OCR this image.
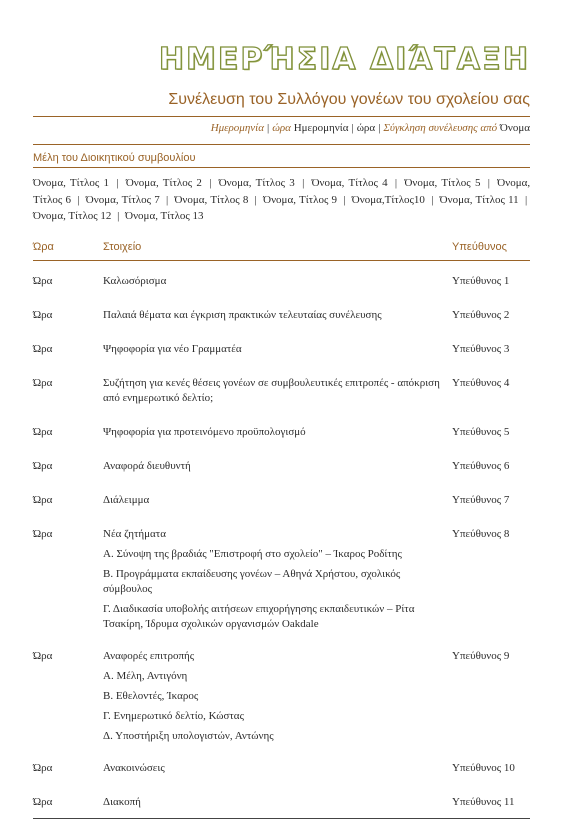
ΗΜΕΡΉΣΙΑ ΔΙΆΤΑΞΗ
Συνέλευση του Συλλόγου γονέων του σχολείου σας
Ημερομηνία | ώρα Ημερομηνία | ώρα | Σύγκληση συνέλευσης από Όνομα
Μέλη του Διοικητικού συμβουλίου
Όνομα, Τίτλος 1 | Όνομα, Τίτλος 2 | Όνομα, Τίτλος 3 | Όνομα, Τίτλος 4 | Όνομα, Τίτλος 5 | Όνομα, Τίτλος 6 | Όνομα, Τίτλος 7 | Όνομα, Τίτλος 8 | Όνομα, Τίτλος 9 | Όνομα,Τίτλος10 | Όνομα, Τίτλος 11 | Όνομα, Τίτλος 12 | Όνομα, Τίτλος 13
Ώρα	Στοιχείο	Υπεύθυνος
Ώρα	Καλωσόρισμα	Υπεύθυνος 1
Ώρα	Παλαιά θέματα και έγκριση πρακτικών τελευταίας συνέλευσης	Υπεύθυνος 2
Ώρα	Ψηφοφορία για νέο Γραμματέα	Υπεύθυνος 3
Ώρα	Συζήτηση για κενές θέσεις γονέων σε συμβουλευτικές επιτροπές - απόκριση από ενημερωτικό δελτίο;	Υπεύθυνος 4
Ώρα	Ψηφοφορία για προτεινόμενο προϋπολογισμό	Υπεύθυνος 5
Ώρα	Αναφορά διευθυντή	Υπεύθυνος 6
Ώρα	Διάλειμμα	Υπεύθυνος 7
Ώρα	Νέα ζητήματα
Α. Σύνοψη της βραδιάς "Επιστροφή στο σχολείο" – Ίκαρος Ροδίτης
Β. Προγράμματα εκπαίδευσης γονέων – Αθηνά Χρήστου, σχολικός σύμβουλος
Γ. Διαδικασία υποβολής αιτήσεων επιχορήγησης εκπαιδευτικών – Ρίτα Τσακίρη, Ίδρυμα σχολικών οργανισμών Oakdale	Υπεύθυνος 8
Ώρα	Αναφορές επιτροπής
Α. Μέλη, Αντιγόνη
Β. Εθελοντές, Ίκαρος
Γ. Ενημερωτικό δελτίο, Κώστας
Δ. Υποστήριξη υπολογιστών, Αντώνης	Υπεύθυνος 9
Ώρα	Ανακοινώσεις	Υπεύθυνος 10
Ώρα	Διακοπή	Υπεύθυνος 11
